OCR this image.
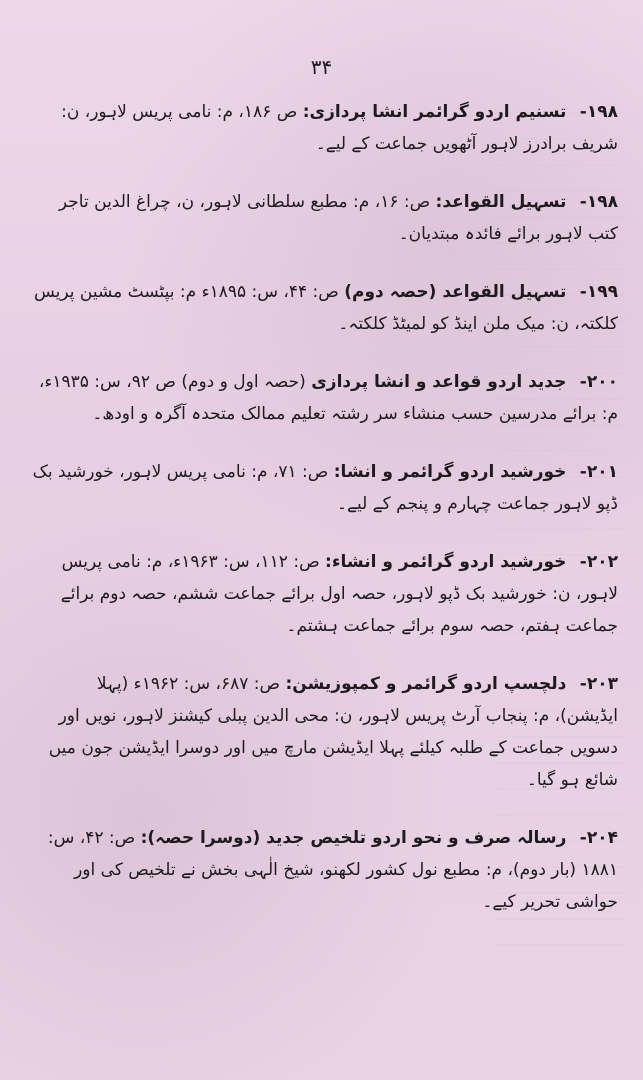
۳۴

۱۹۸- تسنیم اردو گرائمر انشا پردازی: ص ۱۸۶، م: نامی پریس لاہور، ن: شریف برادرز لاہور آٹھویں جماعت کے لیے۔

۱۹۸- تسہیل القواعد: ص: ۱۶، م: مطبع سلطانی لاہور، ن، چراغ الدین تاجر کتب لاہور برائے فائدہ مبتدیان۔

۱۹۹- تسہیل القواعد (حصہ دوم) ص: ۴۴، س: ۱۸۹۵ء م: بپٹسٹ مشین پریس کلکتہ، ن: میک ملن اینڈ کو لمیٹڈ کلکتہ۔

۲۰۰- جدید اردو قواعد و انشا پردازی (حصہ اول و دوم) ص ۹۲، س: ۱۹۳۵ء، م: برائے مدرسین حسب منشاء سر رشتہ تعلیم ممالک متحدہ آگرہ و اودھ۔

۲۰۱- خورشید اردو گرائمر و انشا: ص: ۷۱، م: نامی پریس لاہور، خورشید بک ڈپو لاہور جماعت چہارم و پنجم کے لیے۔

۲۰۲- خورشید اردو گرائمر و انشاء: ص: ۱۱۲، س: ۱۹۶۳ء، م: نامی پریس لاہور، ن: خورشید بک ڈپو لاہور، حصہ اول برائے جماعت ششم، حصہ دوم برائے جماعت ہفتم، حصہ سوم برائے جماعت ہشتم۔

۲۰۳- دلچسپ اردو گرائمر و کمپوزیشن: ص: ۶۸۷، س: ۱۹۶۲ء (پہلا ایڈیشن)، م: پنجاب آرٹ پریس لاہور، ن: محی الدین پبلی کیشنز لاہور، نویں اور دسویں جماعت کے طلبہ کیلئے پہلا ایڈیشن مارچ میں اور دوسرا ایڈیشن جون میں شائع ہو گیا۔

۲۰۴- رسالہ صرف و نحو اردو تلخیص جدید (دوسرا حصہ): ص: ۴۲، س: ۱۸۸۱ (بار دوم)، م: مطبع نول کشور لکھنو، شیخ الٰہی بخش نے تلخیص کی اور حواشی تحریر کیے۔
